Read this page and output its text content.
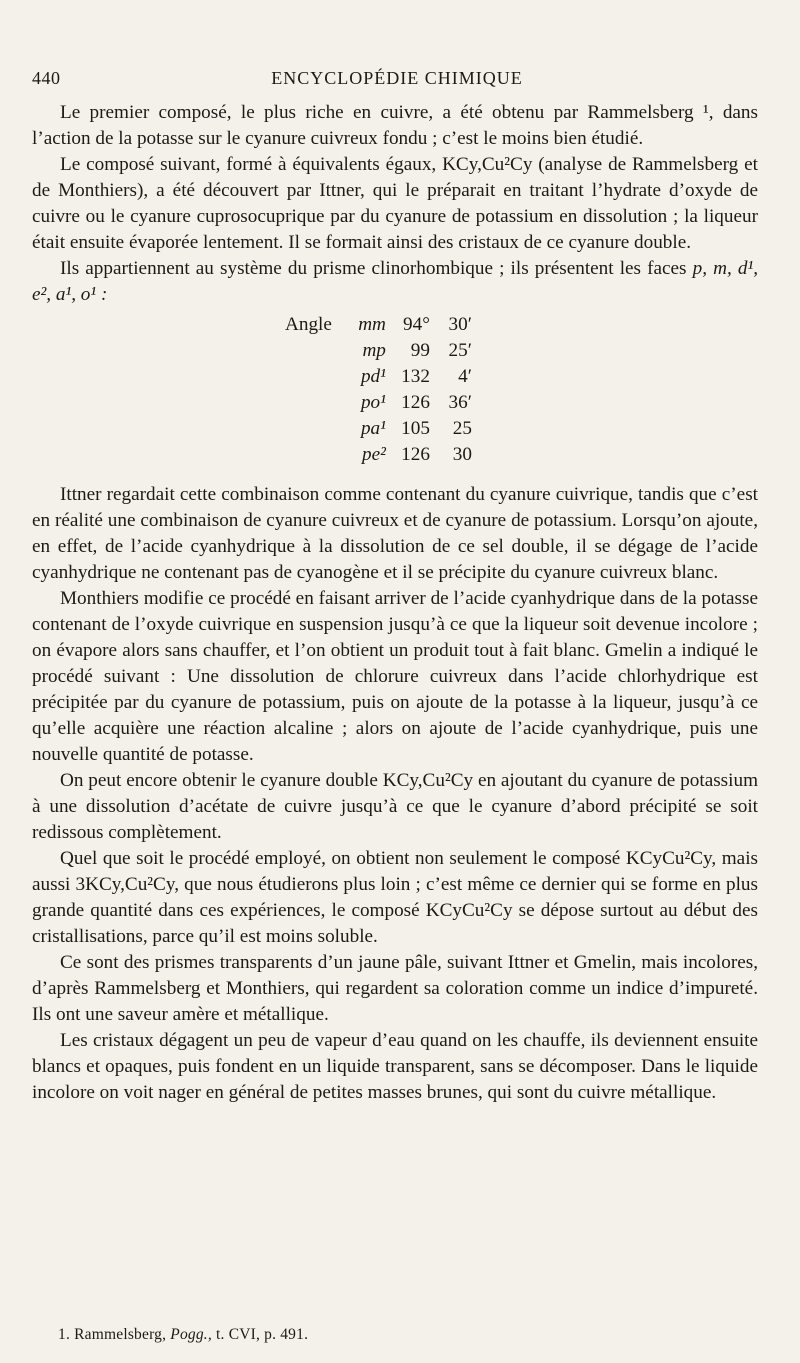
440	ENCYCLOPÉDIE CHIMIQUE

Le premier composé, le plus riche en cuivre, a été obtenu par Rammelsberg ¹, dans l’action de la potasse sur le cyanure cuivreux fondu ; c’est le moins bien étudié.

Le composé suivant, formé à équivalents égaux, KCy,Cu²Cy (analyse de Rammelsberg et de Monthiers), a été découvert par Ittner, qui le préparait en traitant l’hydrate d’oxyde de cuivre ou le cyanure cuprosocuprique par du cyanure de potassium en dissolution ; la liqueur était ensuite évaporée lentement. Il se formait ainsi des cristaux de ce cyanure double.

Ils appartiennent au système du prisme clinorhombique ; ils présentent les faces p, m, d¹, e², a¹, o¹ :

Angle	mm	94°	30′
	mp	99	25′
	pd¹	132	4′
	po¹	126	36′
	pa¹	105	25
	pe²	126	30

Ittner regardait cette combinaison comme contenant du cyanure cuivrique, tandis que c’est en réalité une combinaison de cyanure cuivreux et de cyanure de potassium. Lorsqu’on ajoute, en effet, de l’acide cyanhydrique à la dissolution de ce sel double, il se dégage de l’acide cyanhydrique ne contenant pas de cyanogène et il se précipite du cyanure cuivreux blanc.

Monthiers modifie ce procédé en faisant arriver de l’acide cyanhydrique dans de la potasse contenant de l’oxyde cuivrique en suspension jusqu’à ce que la liqueur soit devenue incolore ; on évapore alors sans chauffer, et l’on obtient un produit tout à fait blanc. Gmelin a indiqué le procédé suivant : Une dissolution de chlorure cuivreux dans l’acide chlorhydrique est précipitée par du cyanure de potassium, puis on ajoute de la potasse à la liqueur, jusqu’à ce qu’elle acquière une réaction alcaline ; alors on ajoute de l’acide cyanhydrique, puis une nouvelle quantité de potasse.

On peut encore obtenir le cyanure double KCy,Cu²Cy en ajoutant du cyanure de potassium à une dissolution d’acétate de cuivre jusqu’à ce que le cyanure d’abord précipité se soit redissous complètement.

Quel que soit le procédé employé, on obtient non seulement le composé KCyCu²Cy, mais aussi 3KCy,Cu²Cy, que nous étudierons plus loin ; c’est même ce dernier qui se forme en plus grande quantité dans ces expériences, le composé KCyCu²Cy se dépose surtout au début des cristallisations, parce qu’il est moins soluble.

Ce sont des prismes transparents d’un jaune pâle, suivant Ittner et Gmelin, mais incolores, d’après Rammelsberg et Monthiers, qui regardent sa coloration comme un indice d’impureté. Ils ont une saveur amère et métallique.

Les cristaux dégagent un peu de vapeur d’eau quand on les chauffe, ils deviennent ensuite blancs et opaques, puis fondent en un liquide transparent, sans se décomposer. Dans le liquide incolore on voit nager en général de petites masses brunes, qui sont du cuivre métallique.

1. Rammelsberg, Pogg., t. CVI, p. 491.
